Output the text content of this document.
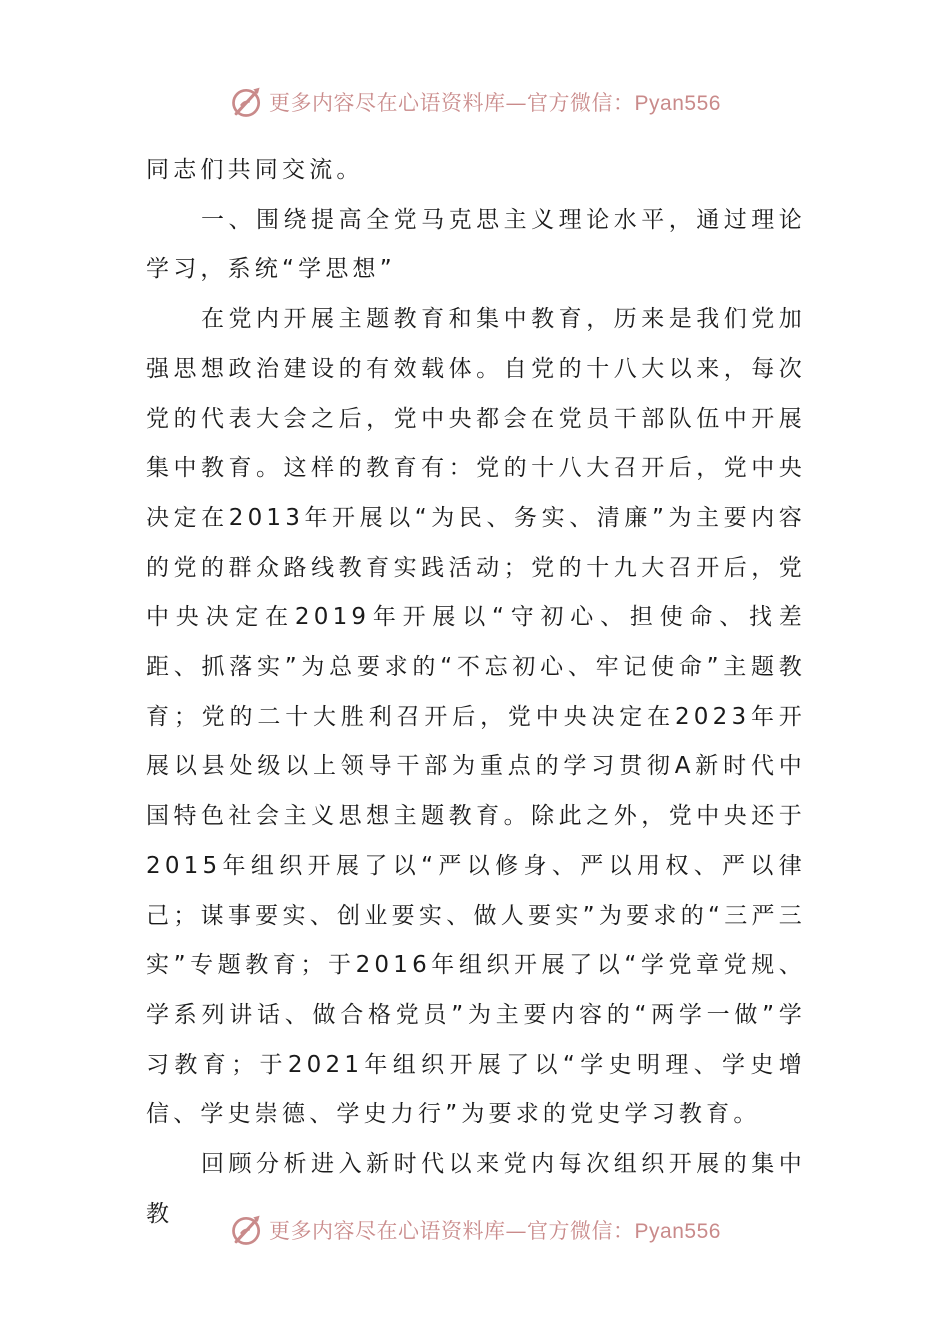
更多内容尽在心语资料库—官方微信：Pyan556

同志们共同交流。

一、围绕提高全党马克思主义理论水平，通过理论学习，系统“学思想”

在党内开展主题教育和集中教育，历来是我们党加强思想政治建设的有效载体。自党的十八大以来，每次党的代表大会之后，党中央都会在党员干部队伍中开展集中教育。这样的教育有：党的十八大召开后，党中央决定在2013年开展以“为民、务实、清廉”为主要内容的党的群众路线教育实践活动；党的十九大召开后，党中央决定在2019年开展以“守初心、担使命、找差距、抓落实”为总要求的“不忘初心、牢记使命”主题教育；党的二十大胜利召开后，党中央决定在2023年开展以县处级以上领导干部为重点的学习贯彻A新时代中国特色社会主义思想主题教育。除此之外，党中央还于2015年组织开展了以“严以修身、严以用权、严以律己；谋事要实、创业要实、做人要实”为要求的“三严三实”专题教育；于2016年组织开展了以“学党章党规、学系列讲话、做合格党员”为主要内容的“两学一做”学习教育；于2021年组织开展了以“学史明理、学史增信、学史崇德、学史力行”为要求的党史学习教育。

回顾分析进入新时代以来党内每次组织开展的集中教

更多内容尽在心语资料库—官方微信：Pyan556
